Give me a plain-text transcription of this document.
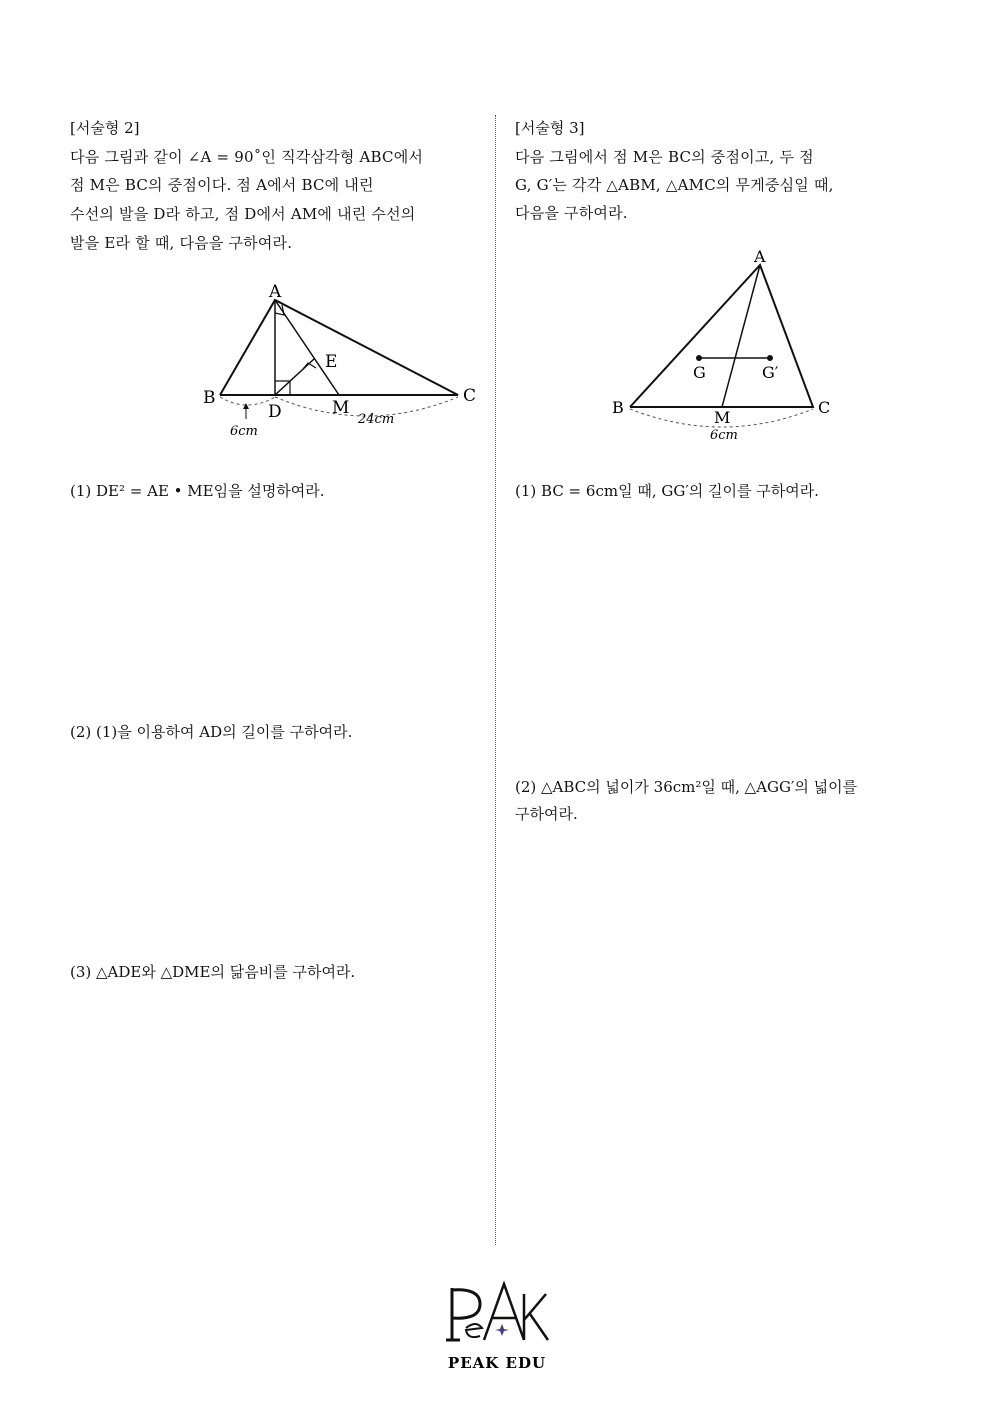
[서술형 2]
다음 그림과 같이 ∠A = 90˚인 직각삼각형 ABC에서
점 M은 BC의 중점이다. 점 A에서 BC에 내린
수선의 발을 D라 하고, 점 D에서 AM에 내린 수선의
발을 E라 할 때, 다음을 구하여라.
A
B	C
D
E
M
6cm
24cm
(1) DE² = AE • ME임을 설명하여라.
(2) (1)을 이용하여 AD의 길이를 구하여라.
(3) △ADE와 △DME의 닮음비를 구하여라.
[서술형 3]
다음 그림에서 점 M은 BC의 중점이고, 두 점
G, G′는 각각 △ABM, △AMC의 무게중심일 때,
다음을 구하여라.
A
B	C
M
G	G′
6cm
(1) BC = 6cm일 때, GG′의 길이를 구하여라.
(2) △ABC의 넓이가 36cm²일 때, △AGG′의 넓이를
구하여라.
PEAK EDU
